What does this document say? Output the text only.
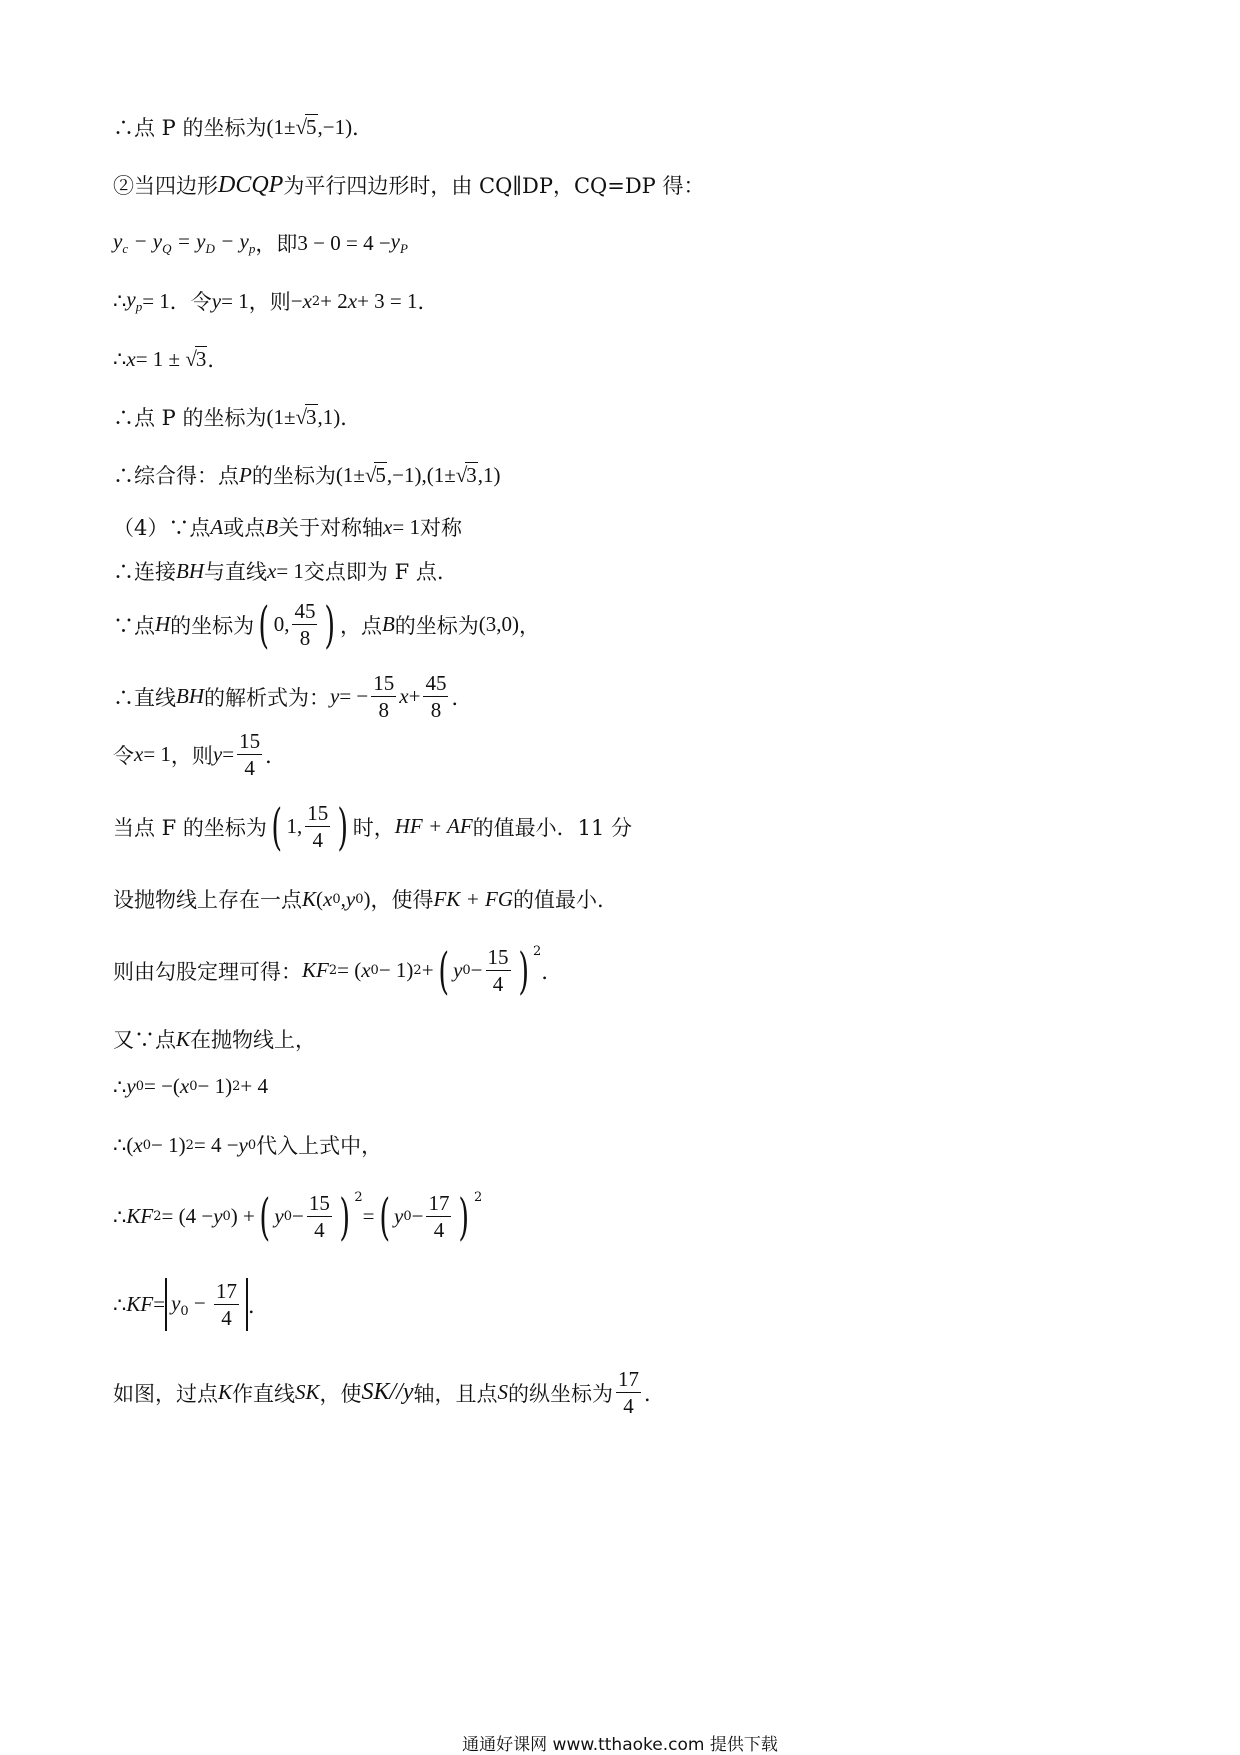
∴点 P 的坐标为 (1± √ 5 ,−1) ．
②当四边形 DCQP 为平行四边形时，由 CQ∥DP，CQ=DP 得：
$y_c - y_Q = y_D - y_p$ ，即 $3 - 0 = 4 - y_P$
∴ $y_p = 1$ ．令 y = 1 ，则 − x 2 + 2 x + 3 = 1 ．
∴ x = 1 ± √ 3 ．
∴点 P 的坐标为 (1±√ 3 ,1) ．
∴综合得：点 P 的坐标为 (1±√ 5 ,−1),(1±√ 3 ,1)
（4）∵点 A 或点 B 关于对称轴 x = 1 对称
∴连接 BH 与直线 x = 1 交点即为 F 点.
∵点 H 的坐标为 ( 0, $\frac{45}{8}$ ) ，点 B 的坐标为 (3,0) ，
∴直线 BH 的解析式为： y = − $\frac{15}{8}$ $x + \frac{45}{8}$ ．
令 x = 1 ，则 $y = \frac{15}{4}$ ．
当点 F 的坐标为 ( 1, $\frac{15}{4}$ ) 时， HF + AF 的值最小．11 分
设抛物线上存在一点 K ( x 0 , y 0 ) ，使得 FK + FG 的值最小.
则由勾股定理可得： KF 2 = ( x 0 − 1) 2 + ( y $0 - \frac{15}{4}$ ) $^2$
．
又∵点 K 在抛物线上，
∴ y 0 = −( x 0 − 1) 2 + 4
∴ ( x 0 − 1) 2 = 4 − y 0 代入上式中，
∴ KF 2 = (4 − y 0 ) + ( y $0 - \frac{15}{4}$ ) $^2$
= ( y $0 - \frac{17}{4}$ ) $^2$
∴ KF = $y_0 - \frac{17}{4}$ ．
如图，过点 K 作直线 SK ，使 SK//y 轴，且点 S 的纵坐标为 $\frac{17}{4}$ ．
通通好课网 www.tthaoke.com 提供下载
